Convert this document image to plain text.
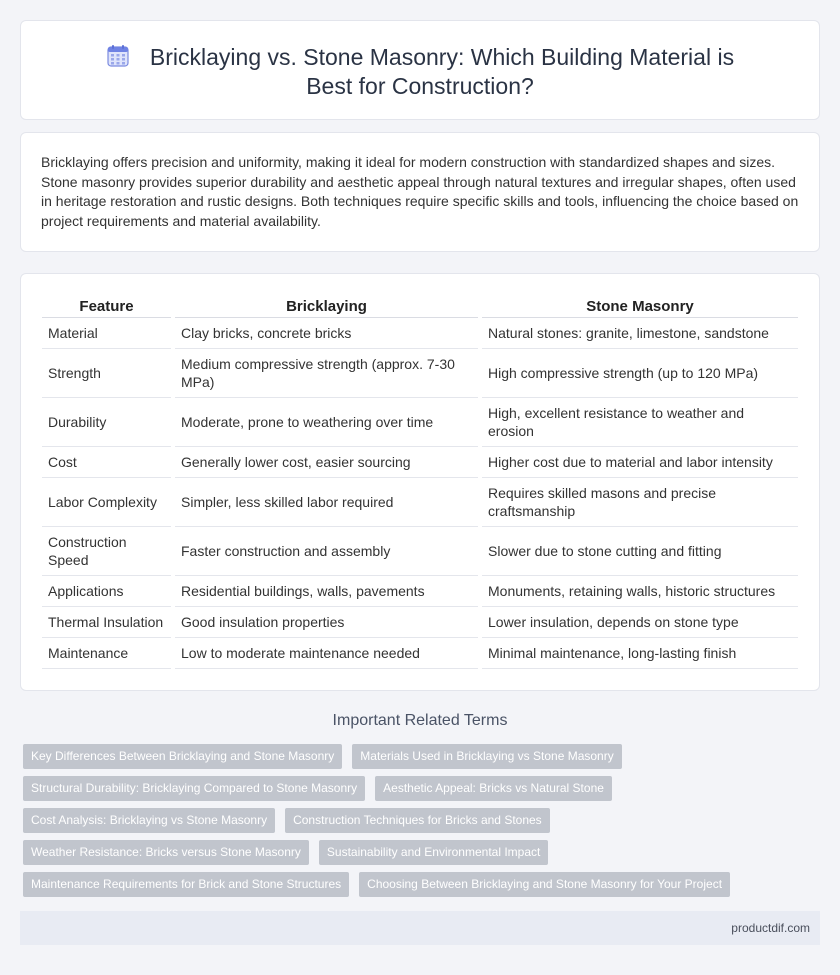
Bricklaying vs. Stone Masonry: Which Building Material is Best for Construction?

Bricklaying offers precision and uniformity, making it ideal for modern construction with standardized shapes and sizes. Stone masonry provides superior durability and aesthetic appeal through natural textures and irregular shapes, often used in heritage restoration and rustic designs. Both techniques require specific skills and tools, influencing the choice based on project requirements and material availability.

Feature		Bricklaying		Stone Masonry
Material		Clay bricks, concrete bricks		Natural stones: granite, limestone, sandstone
Strength		Medium compressive strength (approx. 7-30 MPa)		High compressive strength (up to 120 MPa)
Durability		Moderate, prone to weathering over time		High, excellent resistance to weather and erosion
Cost		Generally lower cost, easier sourcing		Higher cost due to material and labor intensity
Labor Complexity		Simpler, less skilled labor required		Requires skilled masons and precise craftsmanship
Construction Speed		Faster construction and assembly		Slower due to stone cutting and fitting
Applications		Residential buildings, walls, pavements		Monuments, retaining walls, historic structures
Thermal Insulation		Good insulation properties		Lower insulation, depends on stone type
Maintenance		Low to moderate maintenance needed		Minimal maintenance, long-lasting finish
Important Related Terms
Key Differences Between Bricklaying and Stone Masonry Materials Used in Bricklaying vs Stone Masonry
Structural Durability: Bricklaying Compared to Stone Masonry Aesthetic Appeal: Bricks vs Natural Stone
Cost Analysis: Bricklaying vs Stone Masonry Construction Techniques for Bricks and Stones
Weather Resistance: Bricks versus Stone Masonry Sustainability and Environmental Impact
Maintenance Requirements for Brick and Stone Structures Choosing Between Bricklaying and Stone Masonry for Your Project
productdif.com
